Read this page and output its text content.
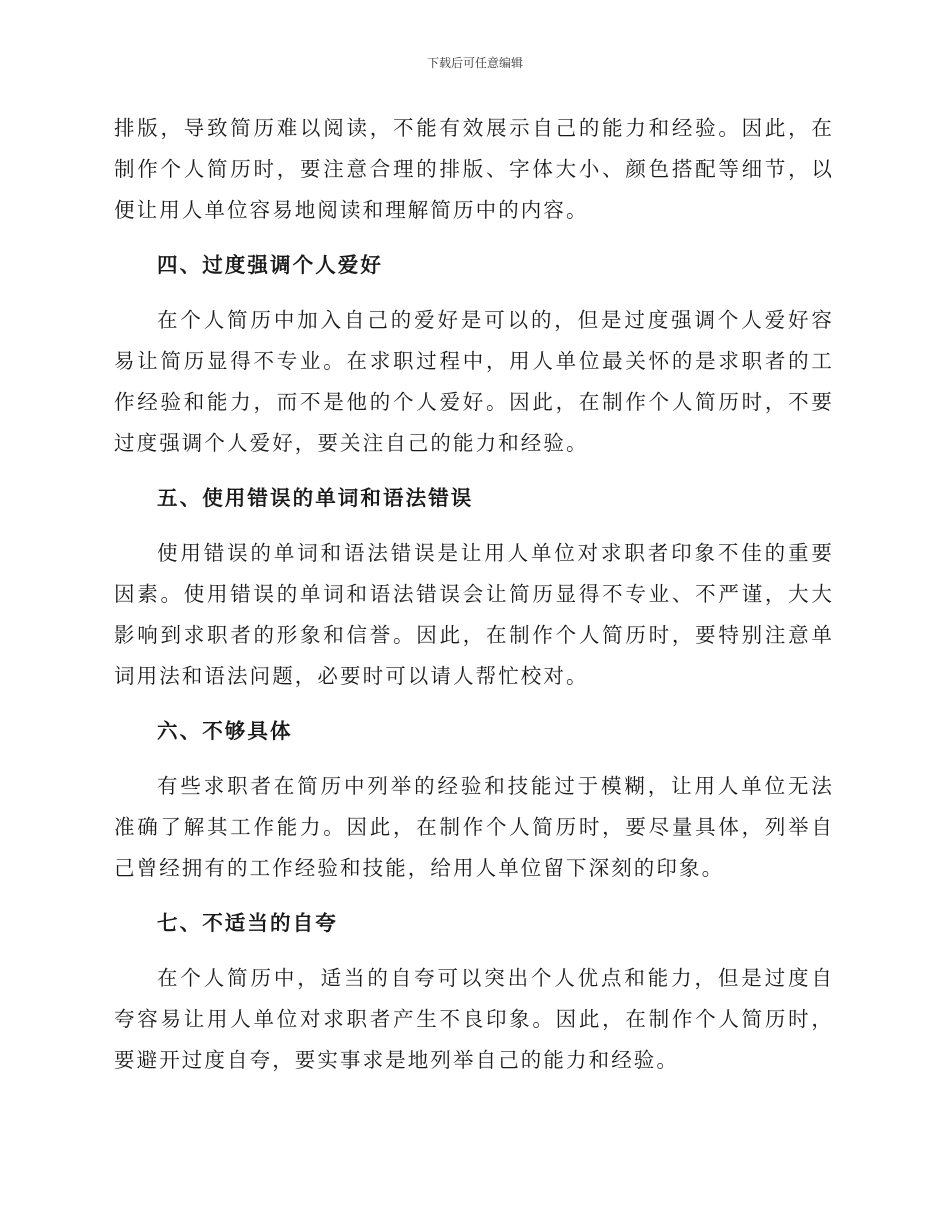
下载后可任意编辑

排版，导致简历难以阅读，不能有效展示自己的能力和经验。因此，在制作个人简历时，要注意合理的排版、字体大小、颜色搭配等细节，以便让用人单位容易地阅读和理解简历中的内容。

四、过度强调个人爱好

在个人简历中加入自己的爱好是可以的，但是过度强调个人爱好容易让简历显得不专业。在求职过程中，用人单位最关怀的是求职者的工作经验和能力，而不是他的个人爱好。因此，在制作个人简历时，不要过度强调个人爱好，要关注自己的能力和经验。

五、使用错误的单词和语法错误

使用错误的单词和语法错误是让用人单位对求职者印象不佳的重要因素。使用错误的单词和语法错误会让简历显得不专业、不严谨，大大影响到求职者的形象和信誉。因此，在制作个人简历时，要特别注意单词用法和语法问题，必要时可以请人帮忙校对。

六、不够具体

有些求职者在简历中列举的经验和技能过于模糊，让用人单位无法准确了解其工作能力。因此，在制作个人简历时，要尽量具体，列举自己曾经拥有的工作经验和技能，给用人单位留下深刻的印象。

七、不适当的自夸

在个人简历中，适当的自夸可以突出个人优点和能力，但是过度自夸容易让用人单位对求职者产生不良印象。因此，在制作个人简历时，要避开过度自夸，要实事求是地列举自己的能力和经验。
